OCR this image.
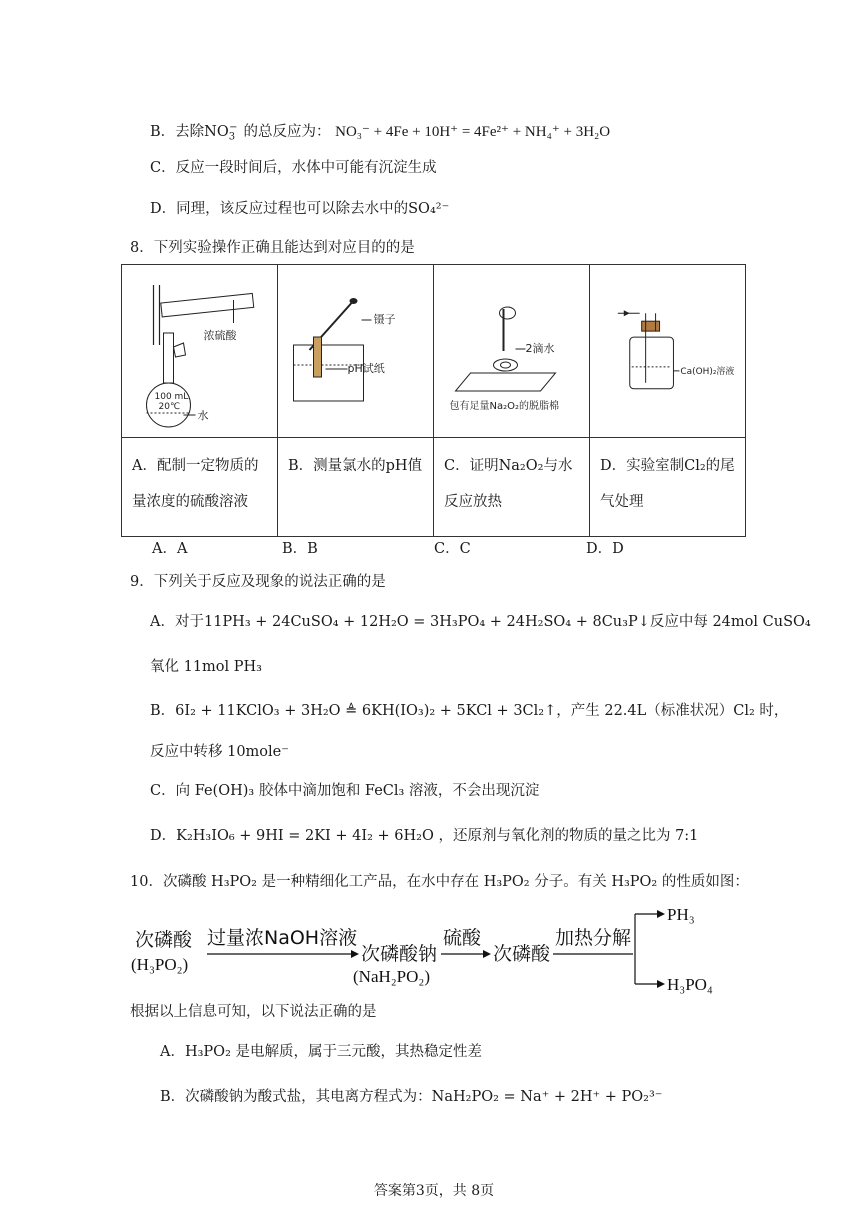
B．去除$NO_3^-$ 的总反应为： NO₃⁻ + 4Fe + 10H⁺ = 4Fe²⁺ + NH₄⁺ + 3H₂O
C．反应一段时间后，水体中可能有沉淀生成
D．同理，该反应过程也可以除去水中的SO₄²⁻
8．下列实验操作正确且能达到对应目的的是
浓硫酸
100 mL
20℃
水	镊子
pH试纸	2滴水
包有足量Na₂O₂的脱脂棉	Ca(OH)₂溶液

A．配制一定物质的量浓度的硫酸溶液	B．测量氯水的pH值	C．证明Na₂O₂与水反应放热	D．实验室制Cl₂的尾气处理
A．A	B．B	C．C	D．D
9．下列关于反应及现象的说法正确的是
A．对于11PH₃ + 24CuSO₄ + 12H₂O = 3H₃PO₄ + 24H₂SO₄ + 8Cu₃P↓反应中每 24mol CuSO₄
氧化 11mol PH₃
B．6I₂ + 11KClO₃ + 3H₂O ≜ 6KH(IO₃)₂ + 5KCl + 3Cl₂↑，产生 22.4L（标准状况）Cl₂ 时，
反应中转移 10mole⁻
C．向 Fe(OH)₃ 胶体中滴加饱和 FeCl₃ 溶液，不会出现沉淀
D．K₂H₃IO₆ + 9HI = 2KI + 4I₂ + 6H₂O ，还原剂与氧化剂的物质的量之比为 7:1
10．次磷酸 H₃PO₂ 是一种精细化工产品，在水中存在 H₃PO₂ 分子。有关 H₃PO₂ 的性质如图：
次磷酸
(H₃PO₂)
过量浓NaOH溶液
次磷酸钠
(NaH₂PO₂)
硫酸
次磷酸
加热分解
PH₃
H₃PO₄
根据以上信息可知，以下说法正确的是
A．H₃PO₂ 是电解质，属于三元酸，其热稳定性差
B．次磷酸钠为酸式盐，其电离方程式为：NaH₂PO₂ = Na⁺ + 2H⁺ + PO₂³⁻
答案第3页，共 8页
